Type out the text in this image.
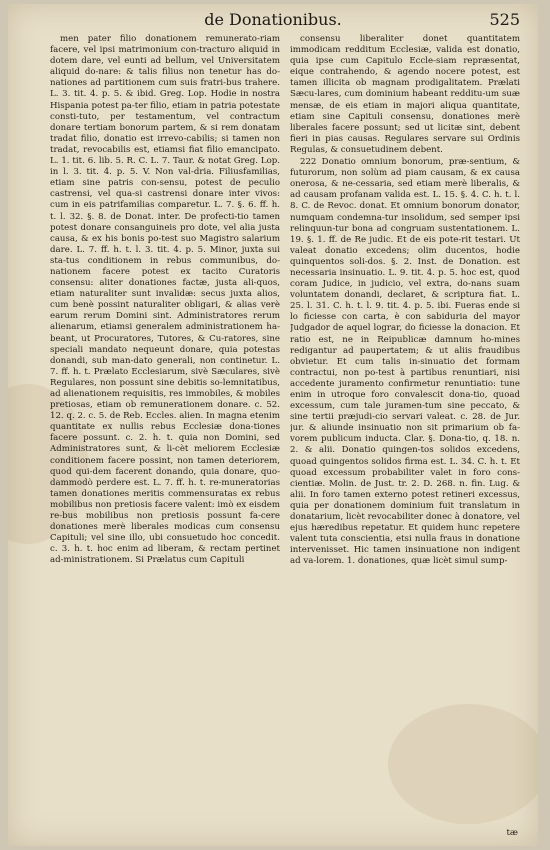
de Donationibus.	525

men pater filio donationem remunerato-riam facere, vel ipsi matrimonium con-tracturo aliquid in dotem dare, vel eunti ad bellum, vel Universitatem aliquid do-nare: & talis filius non tenetur has do-nationes ad partitionem cum suis fratri-bus trahere. L. 3. tit. 4. p. 5. & ibid. Greg. Lop. Hodie in nostra Hispania potest pa-ter filio, etiam in patria potestate consti-tuto, per testamentum, vel contractum donare tertiam bonorum partem, & si rem donatam tradat filio, donatio est irrevo-cabilis; si tamen non tradat, revocabilis est, etiamsi fiat filio emancipato. L. 1. tit. 6. lib. 5. R. C. L. 7. Taur. & notat Greg. Lop. in l. 3. tit. 4. p. 5. V. Non val-dria. Filiusfamilias, etiam sine patris con-sensu, potest de peculio castrensi, vel qua-si castrensi donare inter vivos: cum in eis patrifamilias comparetur. L. 7. §. 6. ff. h. t. l. 32. §. 8. de Donat. inter. De profecti-tio tamen potest donare consanguineis pro dote, vel alia justa causa, & ex his bonis po-test suo Magistro salarium dare. L. 7. ff. h. t. l. 3. tit. 4. p. 5. Minor, juxta sui sta-tus conditionem in rebus communibus, do-nationem facere potest ex tacito Curatoris consensu: aliter donationes factæ, justa ali-quos, etiam naturaliter sunt invalidæ: secus juxta alios, cum benè possint naturaliter obligari, & alias verè earum rerum Domini sint. Administratores rerum alienarum, etiamsi generalem administrationem ha-beant, ut Procuratores, Tutores, & Cu-ratores, sine speciali mandato nequeunt donare, quia potestas donandi, sub man-dato generali, non continetur. L. 7. ff. h. t. Prælato Ecclesiarum, sivè Sæculares, sivè Regulares, non possunt sine debitis so-lemnitatibus, ad alienationem requisitis, res immobiles, & mobiles pretiosas, etiam ob remunerationem donare. c. 52. 12. q. 2. c. 5. de Reb. Eccles. alien. In magna etenim quantitate ex nullis rebus Ecclesiæ dona-tiones facere possunt. c. 2. h. t. quia non Domini, sed Administratores sunt, & li-cèt meliorem Ecclesiæ conditionem facere possint, non tamen deteriorem, quod qui-dem facerent donando, quia donare, quo-dammodò perdere est. L. 7. ff. h. t. re-muneratorias tamen donationes meritis commensuratas ex rebus mobilibus non pretiosis facere valent: imò ex eisdem re-bus mobilibus non pretiosis possunt fa-cere donationes merè liberales modicas cum consensu Capituli; vel sine illo, ubi consuetudo hoc concedit. c. 3. h. t. hoc enim ad liberam, & rectam pertinet ad-ministrationem. Si Prælatus cum Capituli

consensu liberaliter donet quantitatem immodicam redditum Ecclesiæ, valida est donatio, quia ipse cum Capitulo Eccle-siam repræsentat, eique contrahendo, & agendo nocere potest, est tamen illicita ob magnam prodigalitatem. Prælati Sæcu-lares, cum dominium habeant redditu-um suæ mensæ, de eis etiam in majori aliqua quantitate, etiam sine Capituli consensu, donationes merè liberales facere possunt; sed ut licitæ sint, debent fieri in pias causas. Regulares servare sui Ordinis Regulas, & consuetudinem debent.

222 Donatio omnium bonorum, præ-sentium, & futurorum, non solùm ad piam causam, & ex causa onerosa, & ne-cessaria, sed etiam merè liberalis, & ad causam profanam valida est. L. 15. §. 4. C. h. t. l. 8. C. de Revoc. donat. Et omnium bonorum donator, numquam condemna-tur insolidum, sed semper ipsi relinquun-tur bona ad congruam sustentationem. L. 19. §. 1. ff. de Re judic. Et de eis pote-rit testari. Ut valeat donatio excedens; olim ducentos, hodie quinquentos soli-dos. §. 2. Inst. de Donation. est necessaria insinuatio. L. 9. tit. 4. p. 5. hoc est, quod coram Judice, in judicio, vel extra, do-nans suam voluntatem donandi, declaret, & scriptura fiat. L. 25. l. 31. C. h. t. l. 9. tit. 4. p. 5. ibi. Fueras ende si lo ficiesse con carta, è con sabiduria del mayor Judgador de aquel lograr, do ficiesse la donacion. Et ratio est, ne in Reipublicæ damnum ho-mines redigantur ad paupertatem; & ut aliis fraudibus obvietur. Et cum talis in-sinuatio det formam contractui, non po-test à partibus renuntiari, nisi accedente juramento confirmetur renuntiatio: tune enim in utroque foro convalescit dona-tio, quoad excessum, cum tale juramen-tum sine peccato, & sine tertii præjudi-cio servari valeat. c. 28. de Jur. jur. & aliunde insinuatio non sit primarium ob fa-vorem publicum inducta. Clar. §. Dona-tio, q. 18. n. 2. & alii. Donatio quingen-tos solidos excedens, quoad quingentos solidos firma est. L. 34. C. h. t. Et quoad excessum probabiliter valet in foro cons-cientiæ. Molin. de Just. tr. 2. D. 268. n. fin. Lug. & alii. In foro tamen externo potest retineri excessus, quia per donationem dominium fuit translatum in donatarium, licèt revocabiliter donec à donatore, vel ejus hæredibus repetatur. Et quidem hunc repetere valent tuta conscientia, etsi nulla fraus in donatione intervenisset. Hic tamen insinuatione non indigent ad va-lorem. 1. donationes, quæ licèt simul sump-

tæ
